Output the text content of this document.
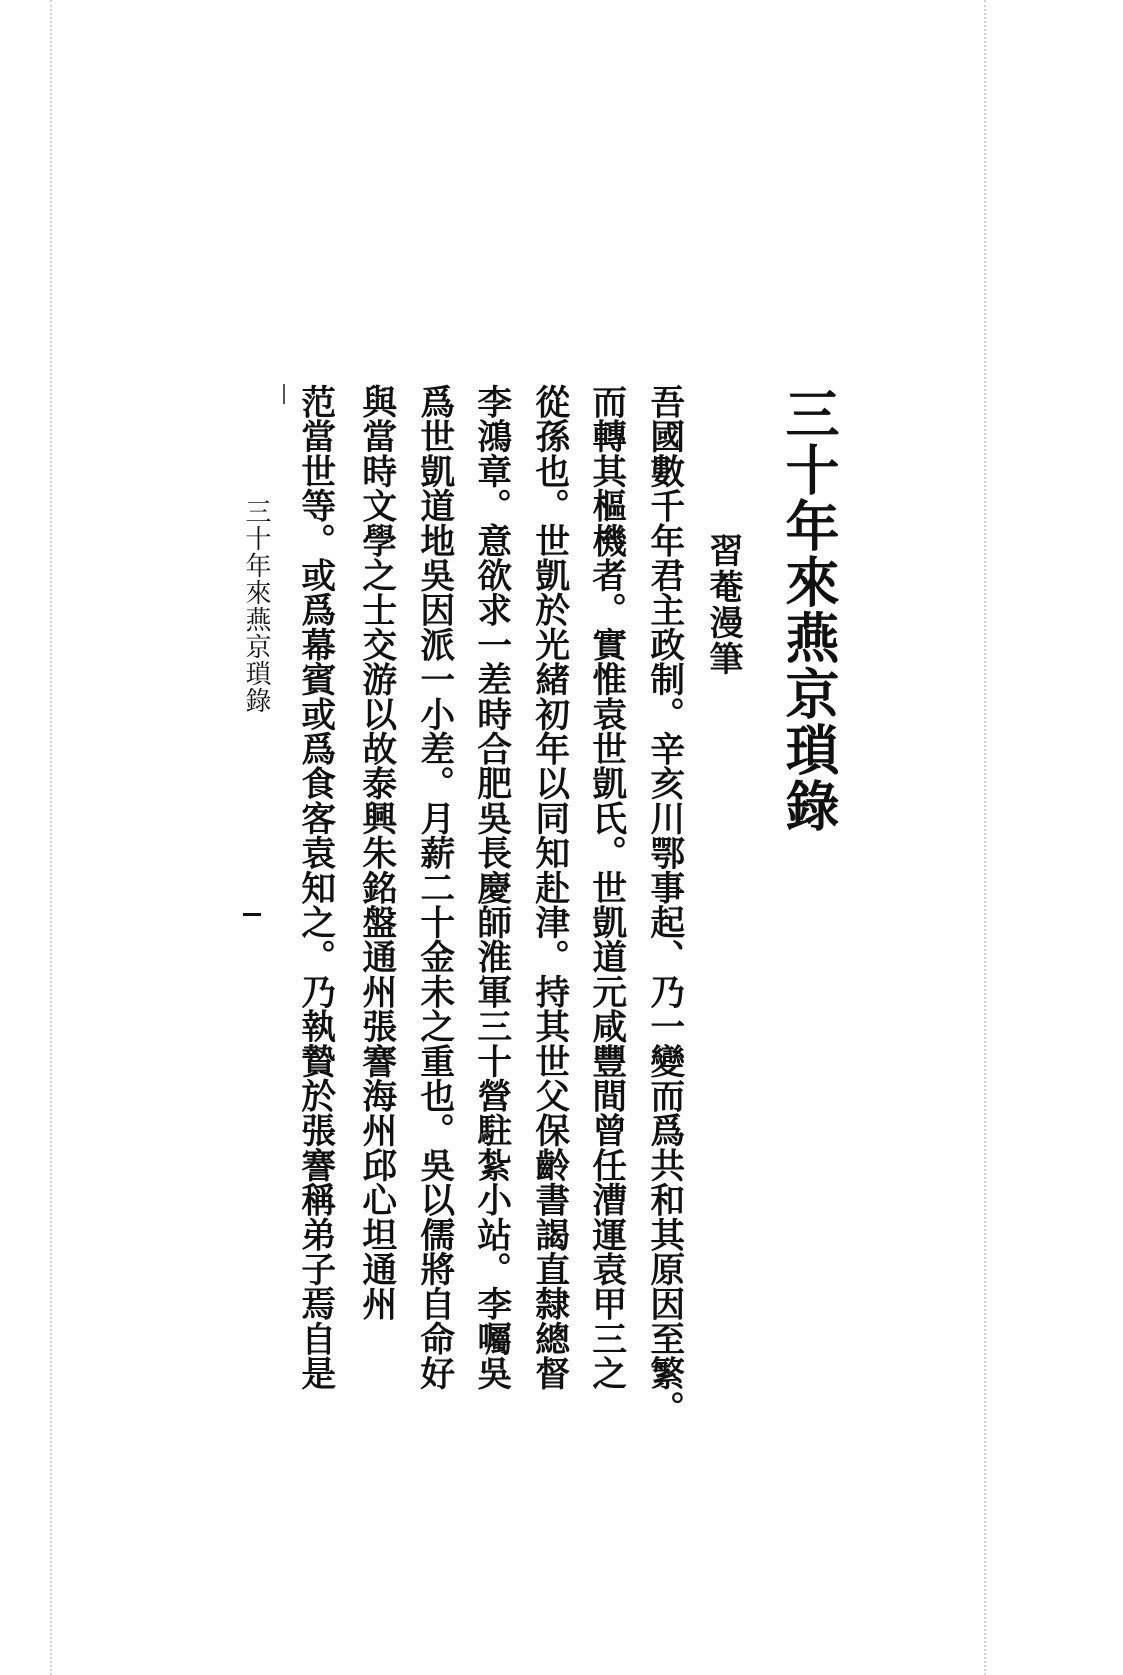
三十年來燕京瑣錄
習菴漫筆
吾國數千年君主政制。辛亥川鄂事起、乃一變而爲共和其原因至繁。
而轉其樞機者。實惟袁世凱氏。世凱道元咸豐間曾任漕運袁甲三之
從孫也。世凱於光緒初年以同知赴津。持其世父保齡書謁直隸總督
李鴻章。意欲求一差時合肥吳長慶師淮軍三十營駐紮小站。李囑吳
爲世凱道地吳因派一小差。月薪二十金未之重也。吳以儒將自命好
與當時文學之士交游以故泰興朱銘盤通州張謇海州邱心坦通州
范當世等。或爲幕賓或爲食客袁知之。乃執贄於張謇稱弟子焉自是
三十年來燕京瑣錄
